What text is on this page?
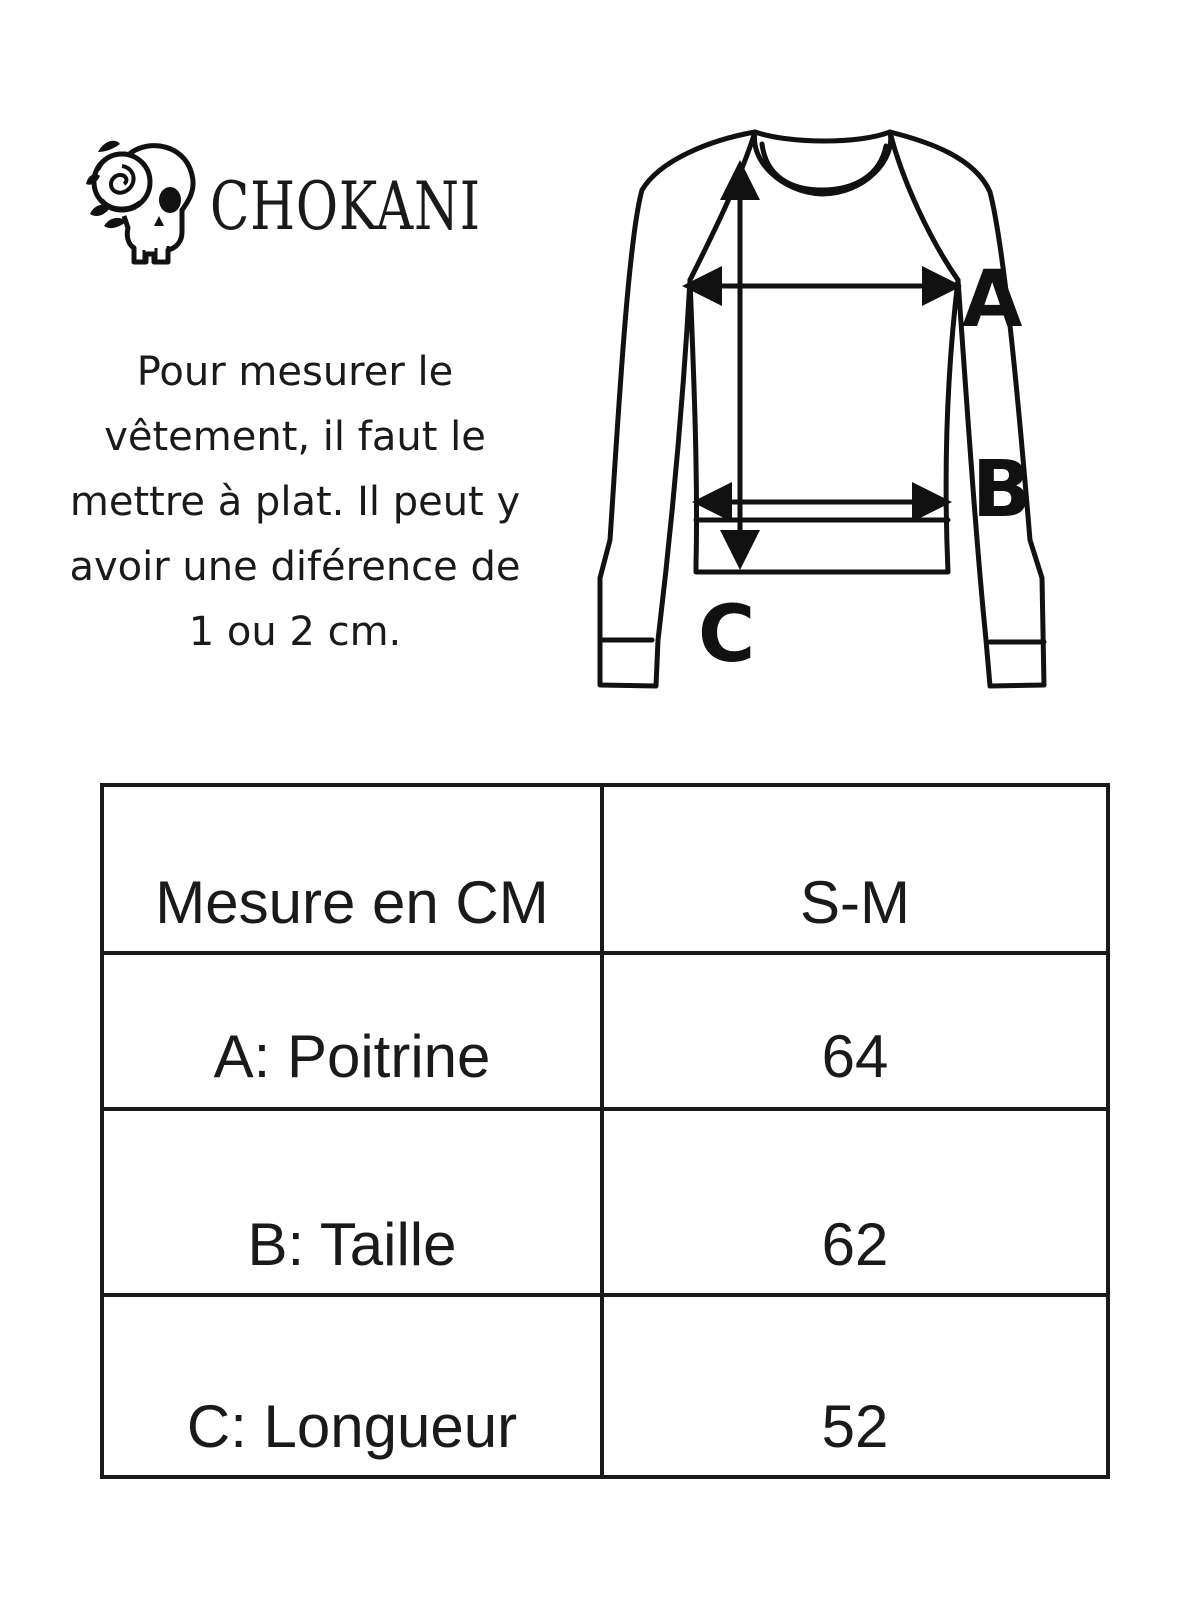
CHOKANI
Pour mesurer le vêtement, il faut le mettre à plat. Il peut y avoir une diférence de 1 ou 2 cm.
A
B
C
Mesure en CM	S-M
A: Poitrine	64
B: Taille	62
C: Longueur	52
